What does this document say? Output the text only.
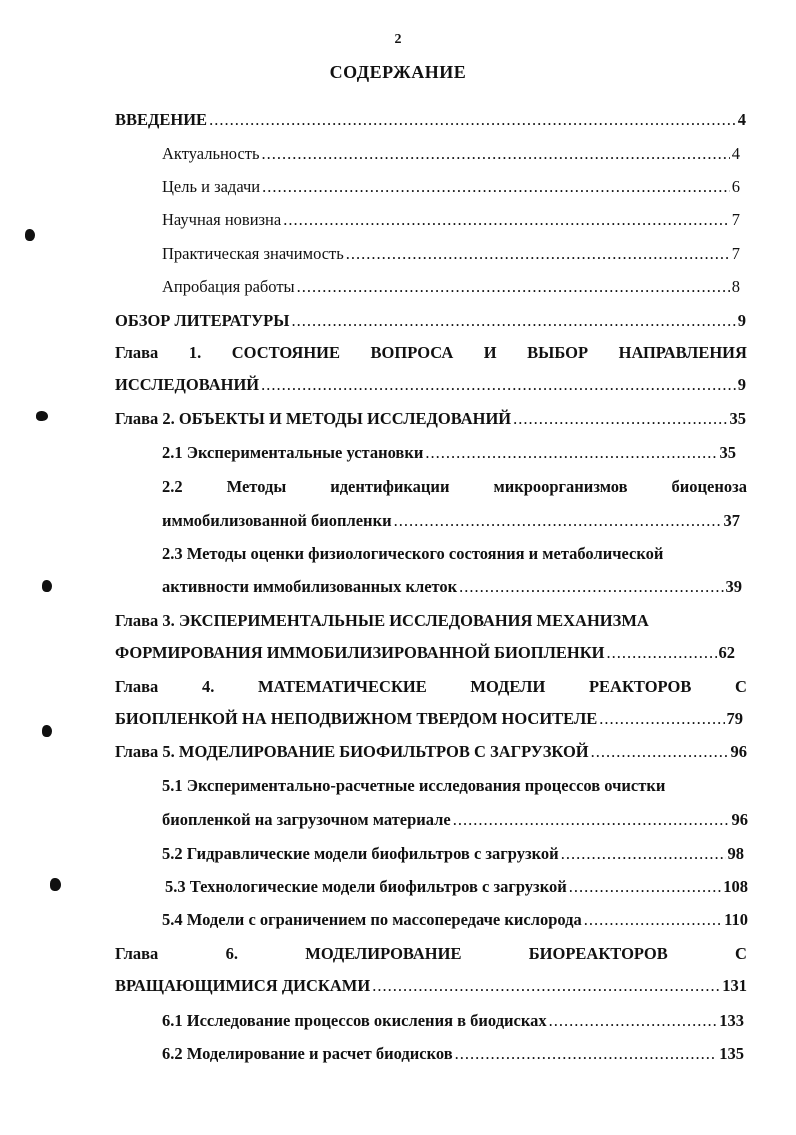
2
СОДЕРЖАНИЕ
ВВЕДЕНИЕ .....	4
Актуальность .....	4
Цель и задачи .....	6
Научная новизна .....	7
Практическая значимость .....	7
Апробация работы .....	8
ОБЗОР ЛИТЕРАТУРЫ .....	9
Глава 1. СОСТОЯНИЕ ВОПРОСА И ВЫБОР НАПРАВЛЕНИЯ
ИССЛЕДОВАНИЙ .....	9
Глава 2. ОБЪЕКТЫ И МЕТОДЫ ИССЛЕДОВАНИЙ .....	35
2.1 Экспериментальные установки .....	35
2.2	Методы	идентификации	микроорганизмов	биоценоза
иммобилизованной биопленки .....	37
2.3 Методы оценки физиологического состояния и метаболической
активности иммобилизованных клеток .....	39
Глава 3. ЭКСПЕРИМЕНТАЛЬНЫЕ ИССЛЕДОВАНИЯ МЕХАНИЗМА
ФОРМИРОВАНИЯ ИММОБИЛИЗИРОВАННОЙ БИОПЛЕНКИ .....	62
Глава	4.	МАТЕМАТИЧЕСКИЕ	МОДЕЛИ	РЕАКТОРОВ	С
БИОПЛЕНКОЙ НА НЕПОДВИЖНОМ ТВЕРДОМ НОСИТЕЛЕ .....	79
Глава 5. МОДЕЛИРОВАНИЕ БИОФИЛЬТРОВ С ЗАГРУЗКОЙ .....	96
5.1 Экспериментально-расчетные исследования процессов очистки
биопленкой на загрузочном материале .....	96
5.2 Гидравлические модели биофильтров с загрузкой .....	98
5.3 Технологические модели биофильтров с загрузкой .....	108
5.4 Модели с ограничением по массопередаче кислорода .....	110
Глава	6.	МОДЕЛИРОВАНИЕ	БИОРЕАКТОРОВ	С
ВРАЩАЮЩИМИСЯ ДИСКАМИ .....	131
6.1 Исследование процессов окисления в биодисках .....	133
6.2 Моделирование и расчет биодисков .....	135
